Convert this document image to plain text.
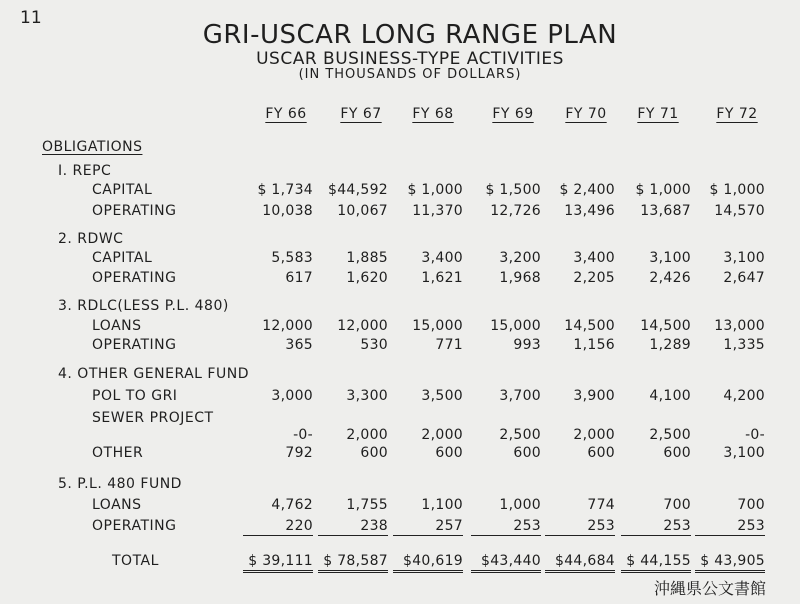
11
GRI-USCAR LONG RANGE PLAN
USCAR BUSINESS-TYPE ACTIVITIES
(IN THOUSANDS OF DOLLARS)
FY 66	FY 67	FY 68	FY 69	FY 70	FY 71	FY 72
OBLIGATIONS
I. REPC
CAPITAL	$ 1,734	$44,592	$ 1,000	$ 1,500	$ 2,400	$ 1,000	$ 1,000
OPERATING	10,038	10,067	11,370	12,726	13,496	13,687	14,570
2. RDWC
CAPITAL	5,583	1,885	3,400	3,200	3,400	3,100	3,100
OPERATING	617	1,620	1,621	1,968	2,205	2,426	2,647
3. RDLC(LESS P.L. 480)
LOANS	12,000	12,000	15,000	15,000	14,500	14,500	13,000
OPERATING	365	530	771	993	1,156	1,289	1,335
4. OTHER GENERAL FUND
POL TO GRI	3,000	3,300	3,500	3,700	3,900	4,100	4,200
SEWER PROJECT
-0-	2,000	2,000	2,500	2,000	2,500	-0-
OTHER	792	600	600	600	600	600	3,100
5. P.L. 480 FUND
LOANS	4,762	1,755	1,100	1,000	774	700	700
OPERATING	220	238	257	253	253	253	253
TOTAL	$ 39,111 $ 78,587	$40,619	$43,440	$44,684 $ 44,155 $ 43,905
沖縄県公文書館
